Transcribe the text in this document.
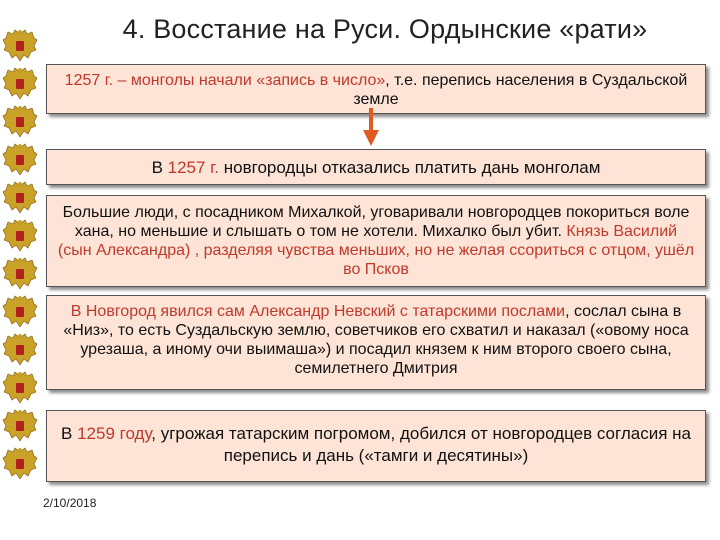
4. Восстание на Руси. Ордынские «рати»
1257 г. – монголы начали «запись в число», т.е. перепись населения в Суздальской земле
В 1257 г. новгородцы отказались платить дань монголам
Большие люди, с посадником Михалкой, уговаривали новгородцев покориться воле хана, но меньшие и слышать о том не хотели. Михалко был убит. Князь Василий (сын Александра) , разделяя чувства меньших, но не желая ссориться с отцом, ушёл во Псков
В Новгород явился сам Александр Невский с татарскими послами, сослал сына в «Низ», то есть Суздальскую землю, советчиков его схватил и наказал («овому носа урезаша, а иному очи выимаша») и посадил князем к ним второго своего сына, семилетнего Дмитрия
В 1259 году, угрожая татарским погромом, добился от новгородцев согласия на перепись и дань («тамги и десятины»)
2/10/2018
